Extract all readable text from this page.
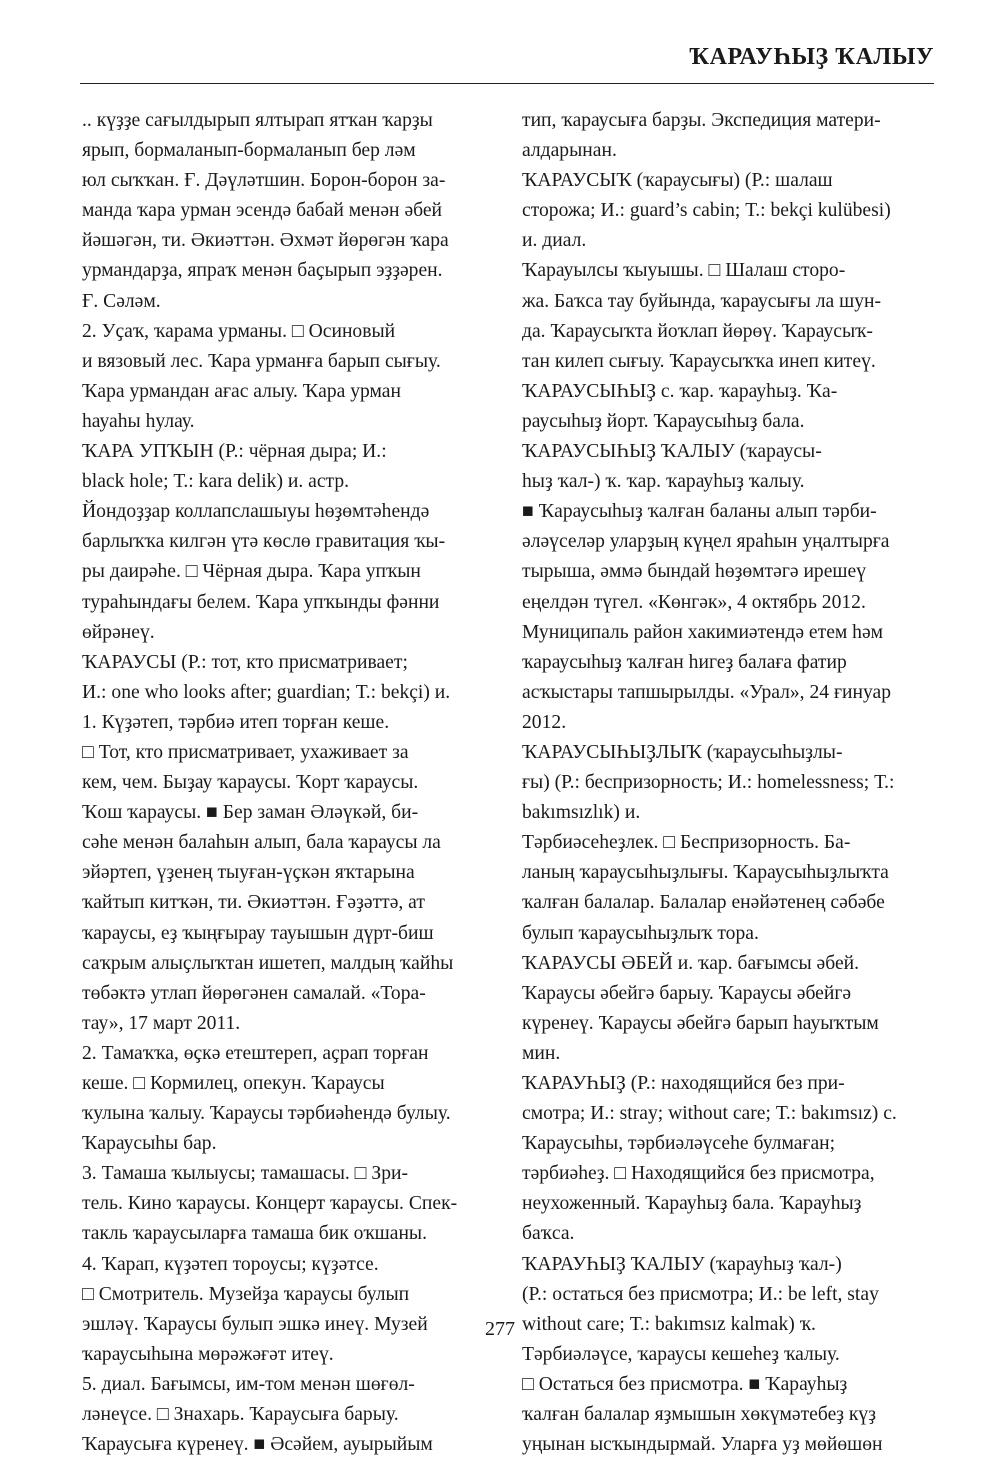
ҠАРАУҺЫҘ ҠАЛЫУ
.. күҙҙе сағылдырып ялтырап ятҡан ҡарҙы
ярып, бормаланып-бормаланып бер ләм
юл сыҡҡан. Ғ. Дәүләтшин. Борон-борон за-
манда ҡара урман эсендә бабай менән әбей
йәшәгән, ти. Әкиәттән. Әхмәт йөрөгән ҡара
урмандарҙа, япраҡ менән баҫырып эҙҙәрен.
Ғ. Сәләм.
2. Уҫаҡ, ҡарама урманы. □ Осиновый
и вязовый лес. Ҡара урманға барып сығыу.
Ҡара урмандан ағас алыу. Ҡара урман
һауаһы һулау.
ҠАРА УПҠЫН (Р.: чёрная дыра; И.:
black hole; Т.: kara delik) и. астр.
Йондоҙҙар коллапслашыуы һөҙөмтәһендә
барлыҡҡа килгән үтә көслө гравитация ҡы-
ры даирәһе. □ Чёрная дыра. Ҡара упҡын
тураһындағы белем. Ҡара упҡынды фәнни
өйрәнеү.
ҠАРАУСЫ (Р.: тот, кто присматривает;
И.: one who looks after; guardian; Т.: bekçi) и.
1. Күҙәтеп, тәрбиә итеп торған кеше.
□ Тот, кто присматривает, ухаживает за
кем, чем. Быҙау ҡараусы. Ҡорт ҡараусы.
Ҡош ҡараусы. ■ Бер заман Әләүкәй, би-
сәһе менән балаһын алып, бала ҡараусы ла
эйәртеп, үҙенең тыуған-үҫкән яҡтарына
ҡайтып китҡән, ти. Әкиәттән. Ғәҙәттә, ат
ҡараусы, еҙ ҡыңғырау тауышын дүрт-биш
саҡрым алыҫлыҡтан ишетеп, малдың ҡайһы
төбәктә утлап йөрөгәнен самалай. «Тора-
тау», 17 март 2011.
2. Тамаҡҡа, өҫкә етештереп, аҫрап торған
кеше. □ Кормилец, опекун. Ҡараусы
ҡулына ҡалыу. Ҡараусы тәрбиәһендә булыу.
Ҡараусыһы бар.
3. Тамаша ҡылыусы; тамашасы. □ Зри-
тель. Кино ҡараусы. Концерт ҡараусы. Спек-
такль ҡараусыларға тамаша бик оҡшаны.
4. Ҡарап, күҙәтеп тороусы; күҙәтсе.
□ Смотритель. Музейҙа ҡараусы булып
эшләү. Ҡараусы булып эшкә инеү. Музей
ҡараусыһына мөрәжәғәт итеү.
5. диал. Бағымсы, им-том менән шөғөл-
ләнеүсе. □ Знахарь. Ҡараусыға барыу.
Ҡараусыға күренеү. ■ Әсәйем, ауырыйым
тип, ҡараусыға барҙы. Экспедиция матери-
алдарынан.
ҠАРАУСЫҠ (ҡараусығы) (Р.: шалаш
сторожа; И.: guard’s cabin; Т.: bekçi kulübesi)
и. диал.
Ҡарауылсы ҡыуышы. □ Шалаш сторо-
жа. Баҡса тау буйында, ҡараусығы ла шун-
да. Ҡараусыҡта йоҡлап йөрөү. Ҡараусыҡ-
тан килеп сығыу. Ҡараусыҡҡа инеп китеү.
ҠАРАУСЫҺЫҘ с. ҡар. ҡарауһыҙ. Ҡа-
раусыһыҙ йорт. Ҡараусыһыҙ бала.
ҠАРАУСЫҺЫҘ ҠАЛЫУ (ҡараусы-
һыҙ ҡал-) ҡ. ҡар. ҡарауһыҙ ҡалыу.
■ Ҡараусыһыҙ ҡалған баланы алып тәрби-
әләүселәр уларҙың күңел яраһын уңалтырға
тырыша, әммә бындай һөҙөмтәгә ирешеү
еңелдән түгел. «Көнгәк», 4 октябрь 2012.
Муниципаль район хакимиәтендә етем һәм
ҡараусыһыҙ ҡалған һигеҙ балаға фатир
асҡыстары тапшырылды. «Урал», 24 ғинуар
2012.
ҠАРАУСЫҺЫҘЛЫҠ (ҡараусыһыҙлы-
ғы) (Р.: беспризорность; И.: homelessness; Т.:
bakımsızlık) и.
Тәрбиәсеһеҙлек. □ Беспризорность. Ба-
ланың ҡараусыһыҙлығы. Ҡараусыһыҙлыҡта
ҡалған балалар. Балалар енәйәтенең сәбәбе
булып ҡараусыһыҙлыҡ тора.
ҠАРАУСЫ ӘБЕЙ и. ҡар. бағымсы әбей.
Ҡараусы әбейгә барыу. Ҡараусы әбейгә
күренеү. Ҡараусы әбейгә барып һауыҡтым
мин.
ҠАРАУҺЫҘ (Р.: находящийся без при-
смотра; И.: stray; without care; Т.: bakımsız) с.
Ҡараусыһы, тәрбиәләүсеһе булмаған;
тәрбиәһеҙ. □ Находящийся без присмотра,
неухоженный. Ҡарауһыҙ бала. Ҡарауһыҙ
баҡса.
ҠАРАУҺЫҘ ҠАЛЫУ (ҡарауһыҙ ҡал-)
(Р.: остаться без присмотра; И.: be left, stay
without care; Т.: bakımsız kalmak) ҡ.
Тәрбиәләүсе, ҡараусы кешеһеҙ ҡалыу.
□ Остаться без присмотра. ■ Ҡарауһыҙ
ҡалған балалар яҙмышын хөкүмәтебеҙ күҙ
уңынан ысҡындырмай. Уларға уҙ мөйөшөн
277
